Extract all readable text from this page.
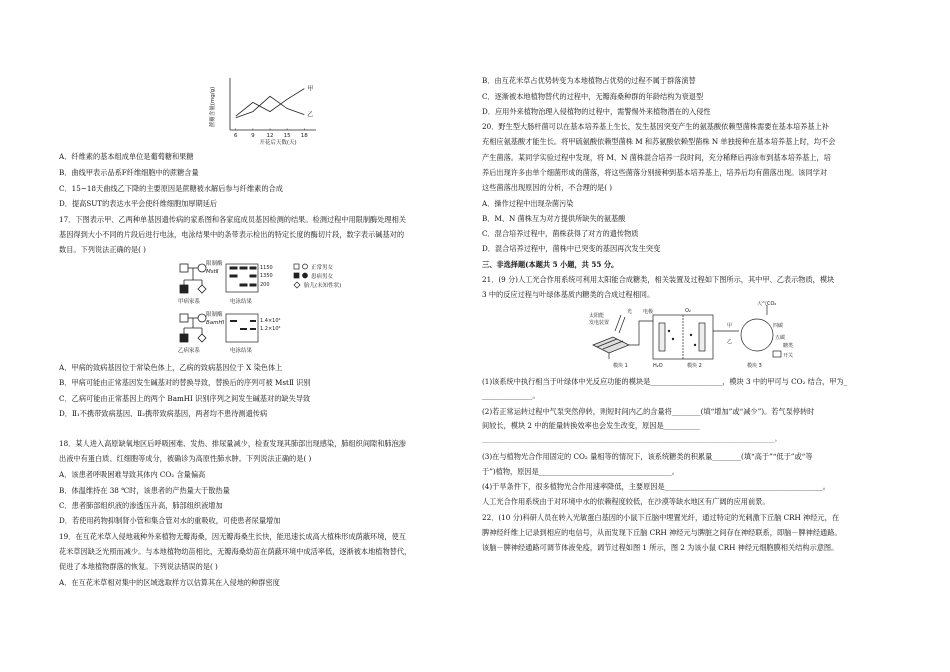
6 9 12 15 18
开花后天数(天)
蔗糖含量(mg/g)	甲
乙
A．纤维素的基本组成单位是葡萄糖和果糖
B．曲线甲表示品系F纤维细胞中的蔗糖含量
C．15~18天曲线乙下降的主要原因是蔗糖被水解后参与纤维素的合成
D．提高SUT的表达水平会使纤维细胞加厚期延后
17．下图表示甲、乙两种单基因遗传病的家系图和各家庭成员基因检测的结果。检测过程中用限制酶处理相关
基因得到大小不同的片段后进行电泳，电泳结果中的条带表示检出的特定长度的酶切片段，数字表示碱基对的
数目。下列说法正确的是( )
限制酶
MstⅡ
1150
1350
200
甲病家系	电泳结果
正常男女
患病男女
胎儿(未知性状)
限制酶
BamHⅠ	1.4×10⁴
1.2×10⁴
乙病家系	电泳结果
A．甲病的致病基因位于常染色体上，乙病的致病基因位于 X 染色体上
B．甲病可能由正常基因发生碱基对的替换导致，替换后的序列可被 MstⅡ 识别
C．乙病可能由正常基因上的两个 BamHⅠ 识别序列之间发生碱基对的缺失导致
D．Ⅱ₁不携带致病基因、Ⅱ₂携带致病基因，两者均不患待测遗传病
18．某人进入高原缺氧地区后呼吸困难、发热、排尿量减少，检查发现其肺部出现感染，肺组织间隙和肺泡渗
出液中有蛋白质、红细胞等成分，被确诊为高原性肺水肿。下列说法正确的是( )
A．该患者呼吸困难导致其体内 CO₂ 含量偏高
B．体温维持在 38 ℃时，该患者的产热量大于散热量
C．患者肺部组织液的渗透压升高，肺部组织液增加
D．若使用药物抑制肾小管和集合管对水的重吸收，可使患者尿量增加
19．在互花米草入侵地栽种外来植物无瓣海桑，因无瓣海桑生长快，能迅速长成高大植株形成荫蔽环境，使互
花米草因缺乏光照而减少。与本地植物幼苗相比，无瓣海桑幼苗在荫蔽环境中成活率低，逐渐被本地植物替代，
促进了本地植物群落的恢复。下列说法错误的是( )
A．在互花米草相对集中的区域选取样方以估算其在入侵地的种群密度
B．由互花米草占优势转变为本地植物占优势的过程不属于群落演替
C．逐渐被本地植物替代的过程中，无瓣海桑种群的年龄结构为衰退型
D．应用外来植物治理入侵植物的过程中，需警惕外来植物潜在的入侵性
20．野生型大肠杆菌可以在基本培养基上生长，发生基因突变产生的氨基酸依赖型菌株需要在基本培养基上补
充相应氨基酸才能生长。将甲硫氨酸依赖型菌株 M 和苏氨酸依赖型菌株 N 单独接种在基本培养基上时，均不会
产生菌落。某同学实验过程中发现，将 M、N 菌株混合培养一段时间，充分稀释后再涂布到基本培养基上，培
养后出现许多由单个细菌形成的菌落，将这些菌落分别接种到基本培养基上，培养后均有菌落出现。该同学对
这些菌落出现原因的分析，不合理的是( )
A．操作过程中出现杂菌污染
B．M、N 菌株互为对方提供所缺失的氨基酸
C．混合培养过程中，菌株获得了对方的遗传物质
D．混合培养过程中，菌株中已突变的基因再次发生突变
三、非选择题(本题共 5 小题，共 55 分。
21．(9 分)人工光合作用系统可利用太阳能合成糖类，相关装置及过程如下图所示，其中甲、乙表示物质，模块
3 中的反应过程与叶绿体基质内糖类的合成过程相同。
太阳能
发电装置
光 电极
H₂O
O₂
模块 1	模块 2	模块 3
大气CO₂
甲
乙
四碳
五碳
糖类
开关
(1)该系统中执行相当于叶绿体中光反应功能的模块是____________________，模块 3 中的甲可与 CO₂ 结合，甲为_
______________。
(2)若正常运转过程中气泵突然停转，则短时间内乙的含量将________(填“增加”或“减少”)。若气泵停转时
间较长，模块 2 中的能量转换效率也会发生改变，原因是__________
_____________________________________________________________________________________________________。
(3)在与植物光合作用固定的 CO₂ 量相等的情况下，该系统糖类的积累量________(填“高于”“低于”或“等
于”)植物，原因是_____________________________________。
(4)干旱条件下，很多植物光合作用速率降低，主要原因是____________________________________________。
人工光合作用系统由于对环境中水的依赖程度较低，在沙漠等缺水地区有广阔的应用前景。
22．(10 分)科研人员在转入光敏蛋白基因的小鼠下丘脑中埋置光纤，通过特定的光刺激下丘脑 CRH 神经元，在
脾神经纤维上记录到相应的电信号，从而发现下丘脑 CRH 神经元与脾脏之间存在神经联系，即脑－脾神经通路。
该脑－脾神经通路可调节体液免疫，调节过程如图 1 所示，图 2 为该小鼠 CRH 神经元细胞膜相关结构示意图。
